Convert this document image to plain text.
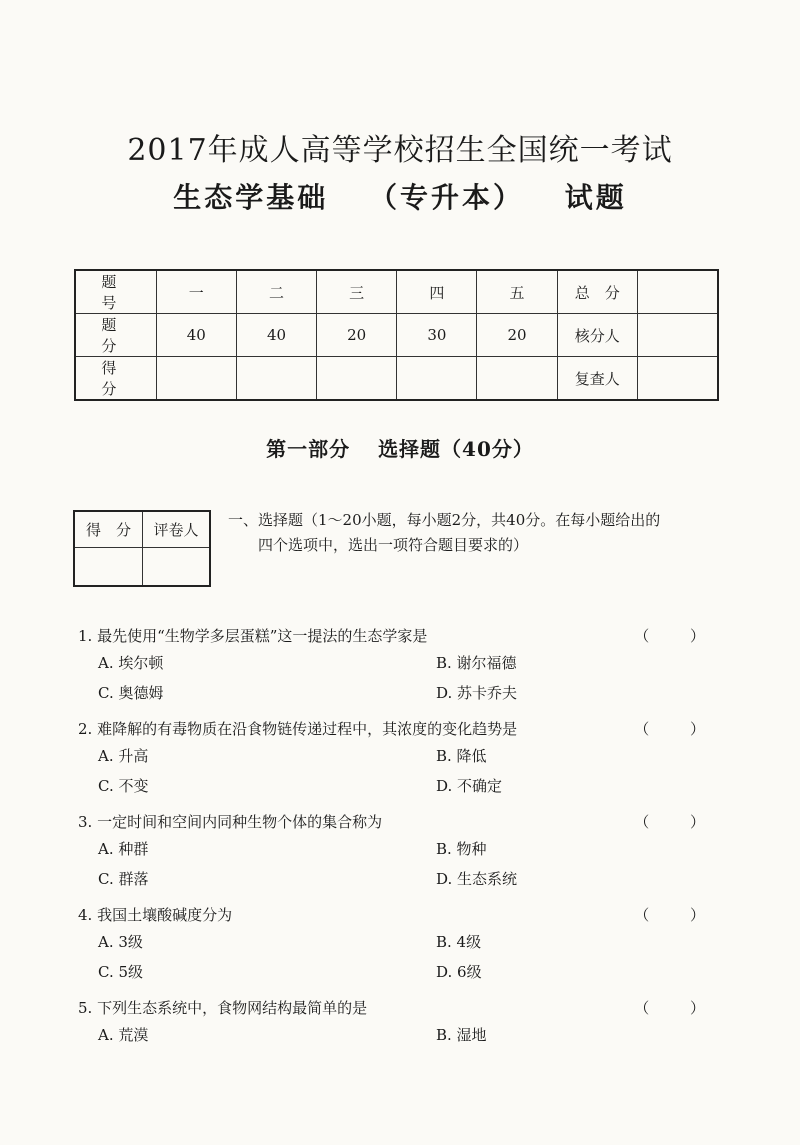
2017年成人高等学校招生全国统一考试
生态学基础 （专升本） 试题
题　号	一	二	三	四	五	总　分	
题　分	40	40	20	30	20	核分人	
得　分						复查人	
第一部分 选择题（40分）
得　分	评卷人

一、选择题（1～20小题，每小题2分，共40分。在每小题给出的
四个选项中，选出一项符合题目要求的）
1. 最先使用“生物学多层蛋糕”这一提法的生态学家是	（ ）
A. 埃尔顿	B. 谢尔福德
C. 奥德姆	D. 苏卡乔夫
2. 难降解的有毒物质在沿食物链传递过程中，其浓度的变化趋势是	（ ）
A. 升高	B. 降低
C. 不变	D. 不确定
3. 一定时间和空间内同种生物个体的集合称为	（ ）
A. 种群	B. 物种
C. 群落	D. 生态系统
4. 我国土壤酸碱度分为	（ ）
A. 3级	B. 4级
C. 5级	D. 6级
5. 下列生态系统中，食物网结构最简单的是	（ ）
A. 荒漠	B. 湿地
